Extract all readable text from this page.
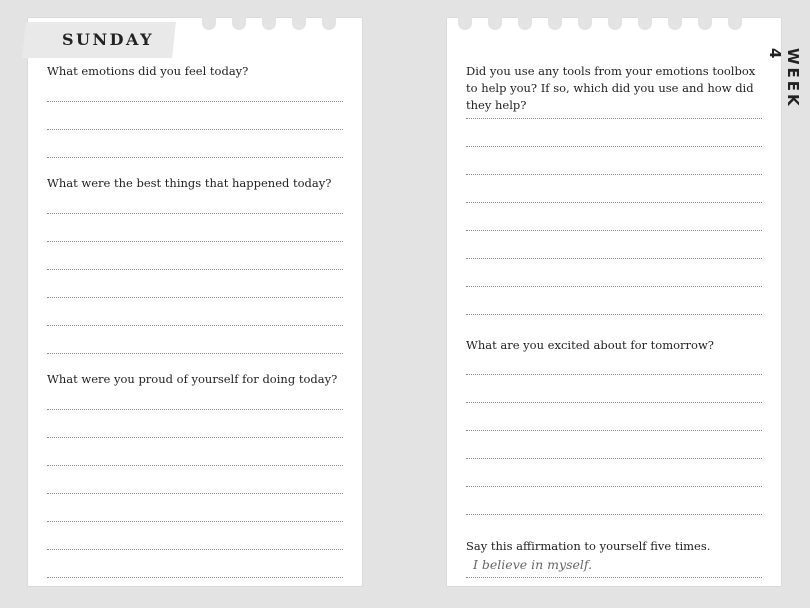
SUNDAY

What emotions did you feel today?

What were the best things that happened today?

What were you proud of yourself for doing today?

WEEK 4

Did you use any tools from your emotions toolbox to help you? If so, which did you use and how did they help?

What are you excited about for tomorrow?

Say this affirmation to yourself five times.

I believe in myself.
